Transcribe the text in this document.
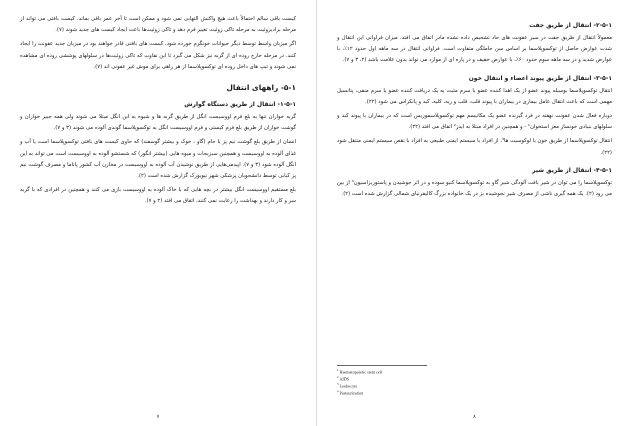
کیست باقی سالم احتمالاً باعث هیچ واکنش التهابی نمی شود و ممکن است تا آخر عمر باقی بماند. کیست بافتی می تواند از مرحله برادیزوئیت به مرحله تاکی زوئیت تغییر فرم دهد و تاکی زوئیت‌ها باعث ایجاد کیست های جدید شوند (۷).

اگر میزبان واسط توسط دیگر حیوانات خونگرم خورده شود، کیست های بافتی قادر خواهند بود در میزبان جدید عفونت را ایجاد کنند. در مرحله خارج روده ای از گربه نیز شکل می گیرد تا این تفاوت که تاکی زوئیت‌ها در سلولهای پوششی روده ای مشاهده نمی شوند و تیپ های داخل روده ای توکسوپلاسما از هر راهی برای موش غیر عفونی اند (۷).

۵-۱- راههای انتقال
۱-۵-۱- انتقال از طریق دستگاه گوارش

گربه خواران تنها به بلع فرم اووسیست انگل از طریق گربه ها و شیوه به این انگل مبتلا می شوند ولی همه جبیر خواران و گوشت خواران از طریق بلع فرم کیستی و فرم اووسیست انگل به توکسوپلاسما گوندی آلوده می شوند (۳ و ۷).

انسان از طریق بلع گوشت نیم پز یا خام (گاو ، خوک و بیشتر گوسفند) که حاوی کیست های بافتی توکسوپلاسما است یا آب و غذای آلوده به اووسیست و همچنین سبزیجات و میوه هایی (بیشتر انگور) که شستشو آلوده به اووسیست است می تواند به این انگل آلوده شود (۳ و ۷). اپیدمی‌هایی از طریق نوشیدن آب آلوده به اووسیست در مخازن آب کشور پاناما و مصرف گوشت نیم پز کبابی توسط دانشجویان پزشکی شهر نیویورک گزارش شده است (۲).

بلع مستقیم اووسیست انگل بیشتر در بچه هایی که با خاک آلوده به اووسیست بازی می کنند و همچنین در افرادی که با گربه سر و کار دارند و بهداشت را رعایت نمی کنند، اتفاق می افتد (۲ و ۷).

۷
۲-۵-۱- انتقال از طریق جفت

معمولاً انتقال از طریق جفت در سیر عفونت های حاد تشخیص داده نشده مادر اتفاق می افتد. میزان فراوانی این انتقال و شدت عوارض حاصل از توکسوپلاسما بر اساس سن حاملگی متفاوت است. فراوانی انتقال در سه ماهه اول حدود ۱۲٪، با عوارض شدید و در سه ماهه سوم حدود ۶۰٪، با عوارض خفیف و در پاره ای از موارد می تواند بدون علامت باشد (۲، ۳ و ۷).

۳-۵-۱- انتقال از طریق پیوند اعضاء و انتقال خون

انتقال توکسوپلاسما بوسیله پیوند عضو از یک اهدا کننده عضو با سرم مثبت به یک دریافت کننده عضو با سرم منفی، پتانسیل مهمی است که باعث انتقال عامل بیماری در بیماران با پیوند قلب، قلب و ریه، کلیه، کبد و پانکراس می شود (۲۲).

دوباره فعال شدن عفونت نهفته در فرد گیرنده عضو یک مکانیسم مهم توکسوپلاسموزیس است که در بیماران با پیوند کبد و سلولهای بنیادی خونساز مغز استخوان¹ - و همچنین در افراد مبتلا به ایدز² اتفاق می افتد (۲۲).

انتقال توکسوپلاسما از طریق خون یا لوکوسیت ها³، از افراد با سیستم ایمنی طبیعی به افراد با نقص سیستم ایمنی منتقل شود (۲۲).

۴-۵-۱- انتقال از طریق شیر

توکسوپلاسما را می توان در شیر بافت آلودگی شیر گاو به توکسوپلاسما کنیو سوده و در اثر جوشیدن و پاستوریزاسیون⁴ از بین می رود (۲). یک همه گیری ناشی از مصرف شیر نجوشیده بز در یک خانواده بزرگ کالیفرنیای شمالی گزارش شده است (۲).

$^1$ Haematopoietic stem cell
$^2$ AIDS
$^3$ Leukocyte
$^4$ Pasteurization
۸
